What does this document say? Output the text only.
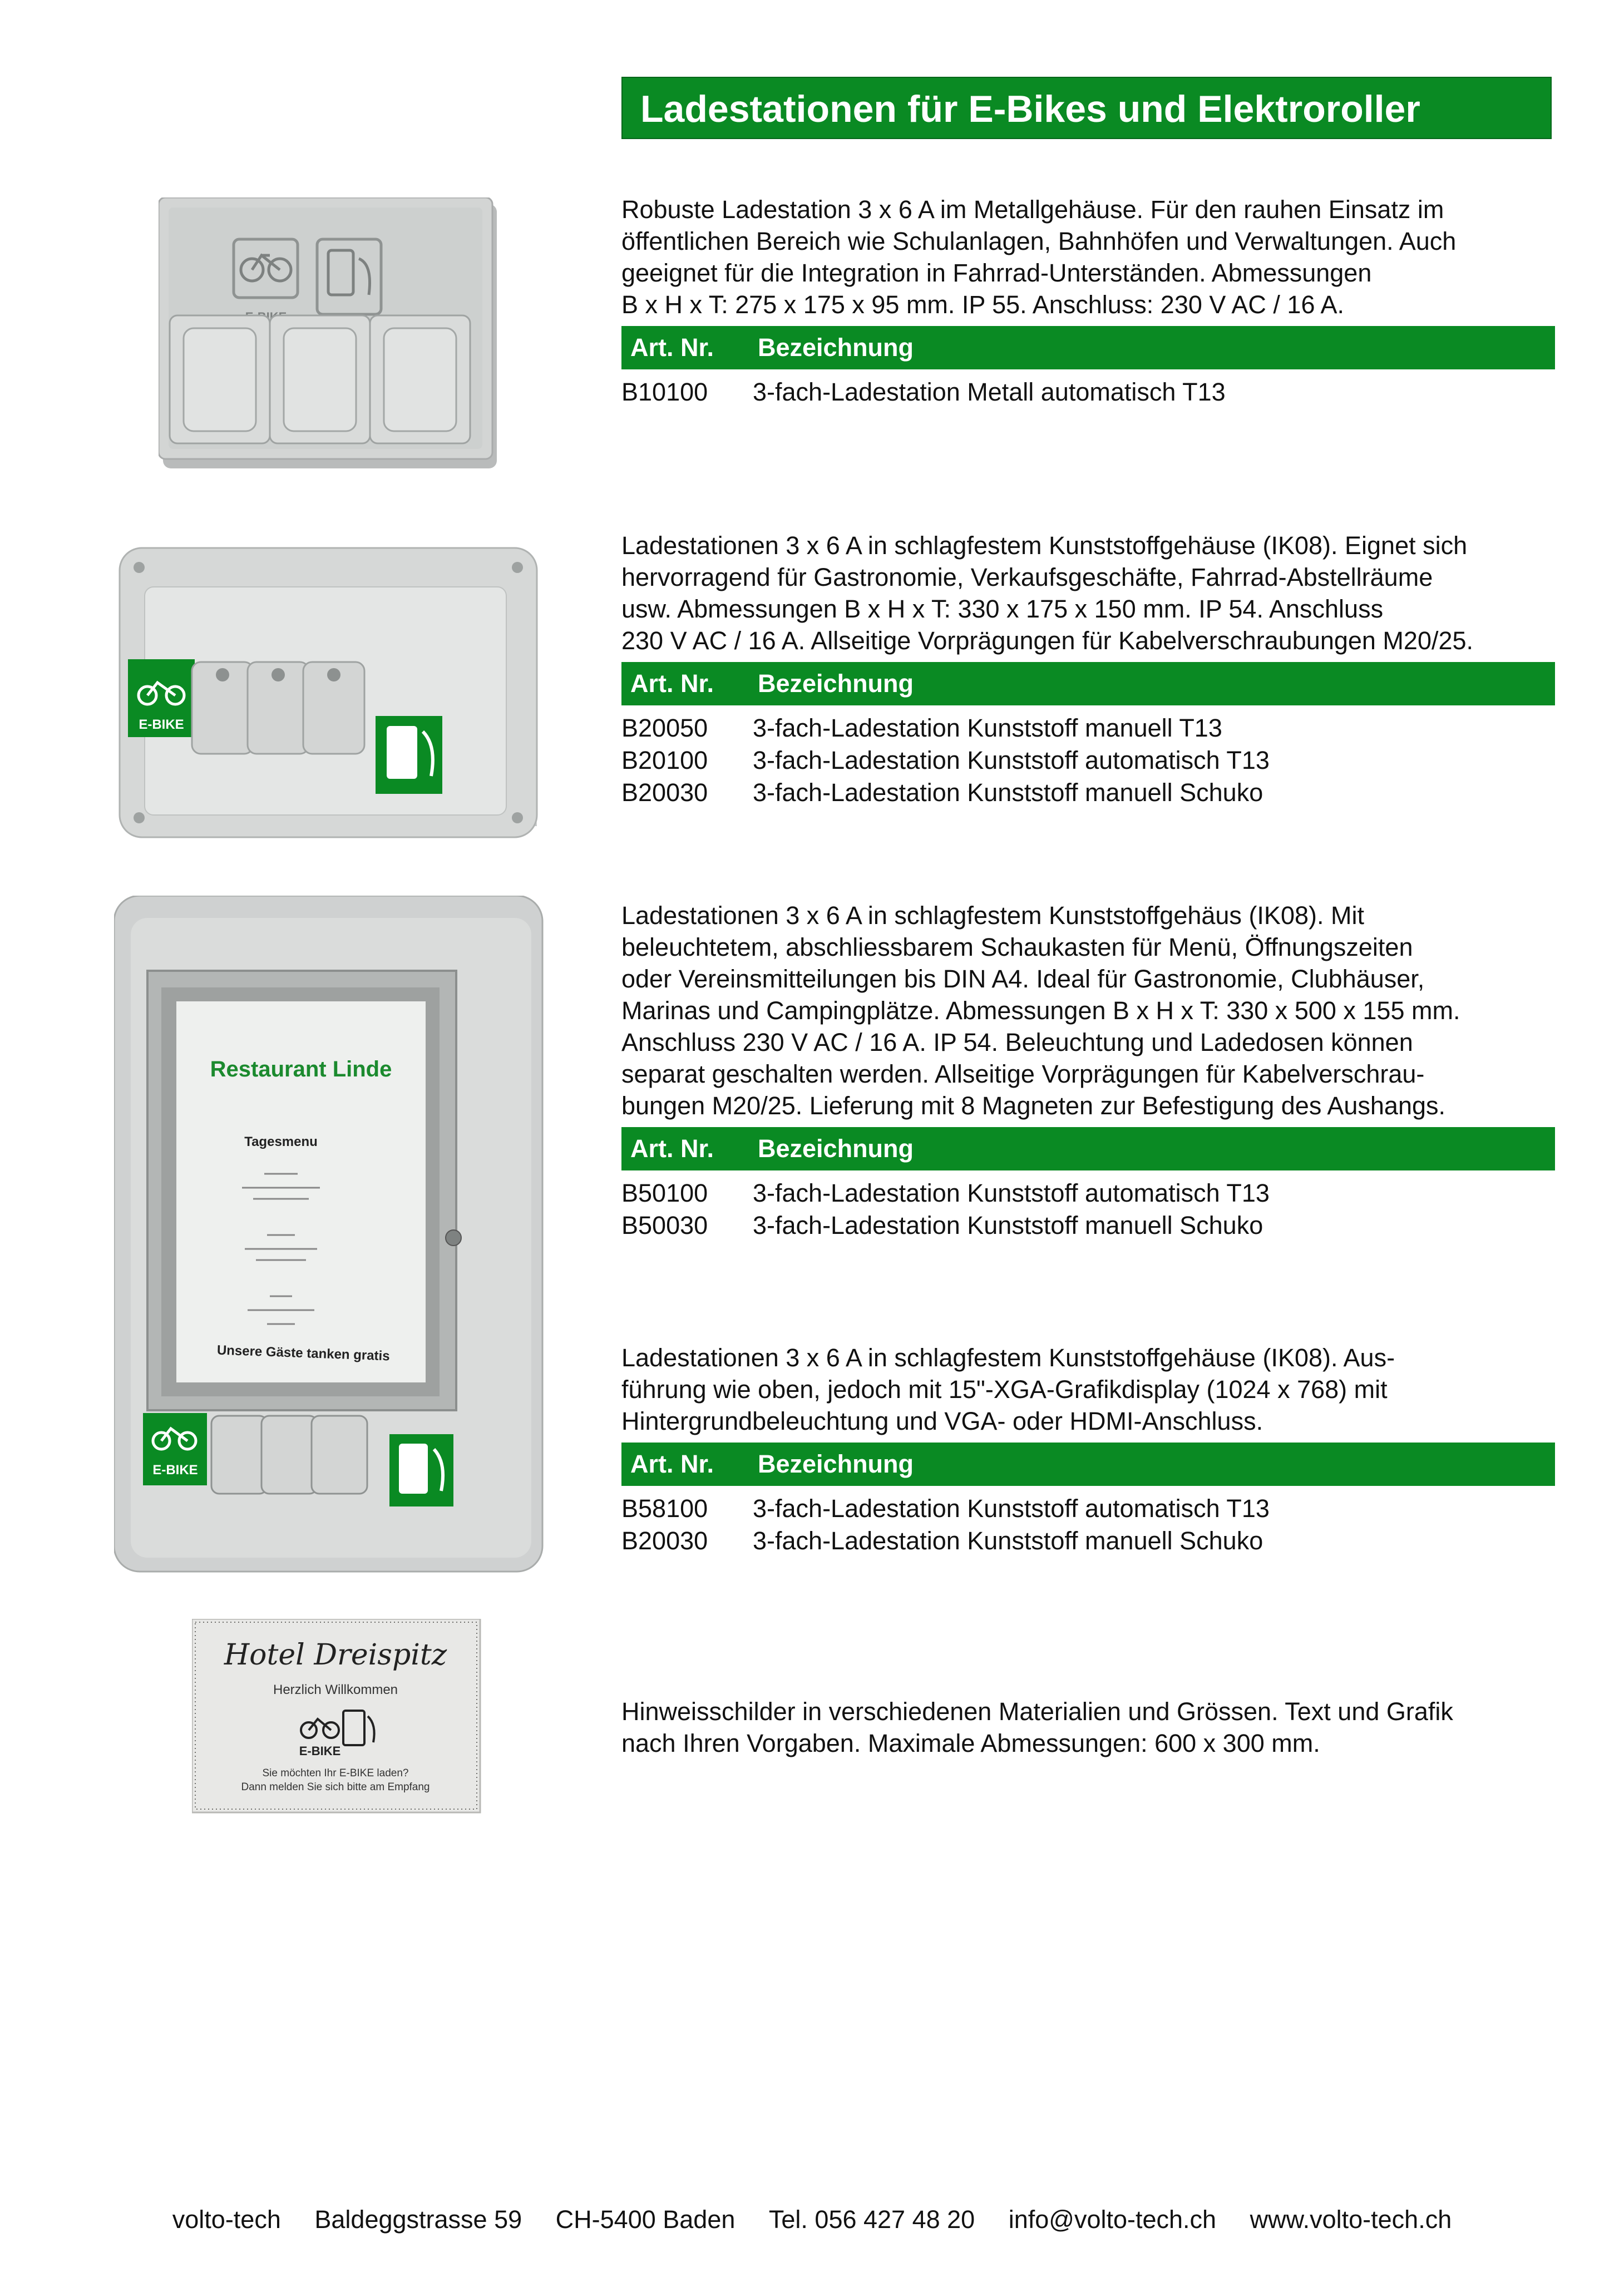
Ladestationen für E-Bikes und Elektroroller
E-BIKE
Restaurant Linde
Tagesmenu
Unsere Gäste tanken gratis
E-BIKE
Hotel Dreispitz
Herzlich Willkommen
E-BIKE
Sie möchten Ihr E-BIKE laden?
Dann melden Sie sich bitte am Empfang
Robuste Ladestation 3 x 6 A im Metallgehäuse. Für den rauhen Einsatz im
öffentlichen Bereich wie Schulanlagen, Bahnhöfen und Verwaltungen. Auch
geeignet für die Integration in Fahrrad-Unterständen. Abmessungen
B x H x T: 275 x 175 x 95 mm. IP 55. Anschluss: 230 V AC / 16 A.
Art. Nr. Bezeichnung
B10100 3-fach-Ladestation Metall automatisch T13
Ladestationen 3 x 6 A in schlagfestem Kunststoffgehäuse (IK08). Eignet sich
hervorragend für Gastronomie, Verkaufsgeschäfte, Fahrrad-Abstellräume
usw. Abmessungen B x H x T: 330 x 175 x 150 mm. IP 54. Anschluss
230 V AC / 16 A. Allseitige Vorprägungen für Kabelverschraubungen M20/25.
Art. Nr. Bezeichnung
B20050 3-fach-Ladestation Kunststoff manuell T13
B20100 3-fach-Ladestation Kunststoff automatisch T13
B20030 3-fach-Ladestation Kunststoff manuell Schuko
Ladestationen 3 x 6 A in schlagfestem Kunststoffgehäus (IK08). Mit
beleuchtetem, abschliessbarem Schaukasten für Menü, Öffnungszeiten
oder Vereinsmitteilungen bis DIN A4. Ideal für Gastronomie, Clubhäuser,
Marinas und Campingplätze. Abmessungen B x H x T: 330 x 500 x 155 mm.
Anschluss 230 V AC / 16 A. IP 54. Beleuchtung und Ladedosen können
separat geschalten werden. Allseitige Vorprägungen für Kabelverschrau-
bungen M20/25. Lieferung mit 8 Magneten zur Befestigung des Aushangs.
Art. Nr. Bezeichnung
B50100 3-fach-Ladestation Kunststoff automatisch T13
B50030 3-fach-Ladestation Kunststoff manuell Schuko
Ladestationen 3 x 6 A in schlagfestem Kunststoffgehäuse (IK08). Aus-
führung wie oben, jedoch mit 15"-XGA-Grafikdisplay (1024 x 768) mit
Hintergrundbeleuchtung und VGA- oder HDMI-Anschluss.
Art. Nr. Bezeichnung
B58100 3-fach-Ladestation Kunststoff automatisch T13
B20030 3-fach-Ladestation Kunststoff manuell Schuko
Hinweisschilder in verschiedenen Materialien und Grössen. Text und Grafik
nach Ihren Vorgaben. Maximale Abmessungen: 600 x 300 mm.
volto-tech Baldeggstrasse 59 CH-5400 Baden Tel. 056 427 48 20 info@volto-tech.ch www.volto-tech.ch
